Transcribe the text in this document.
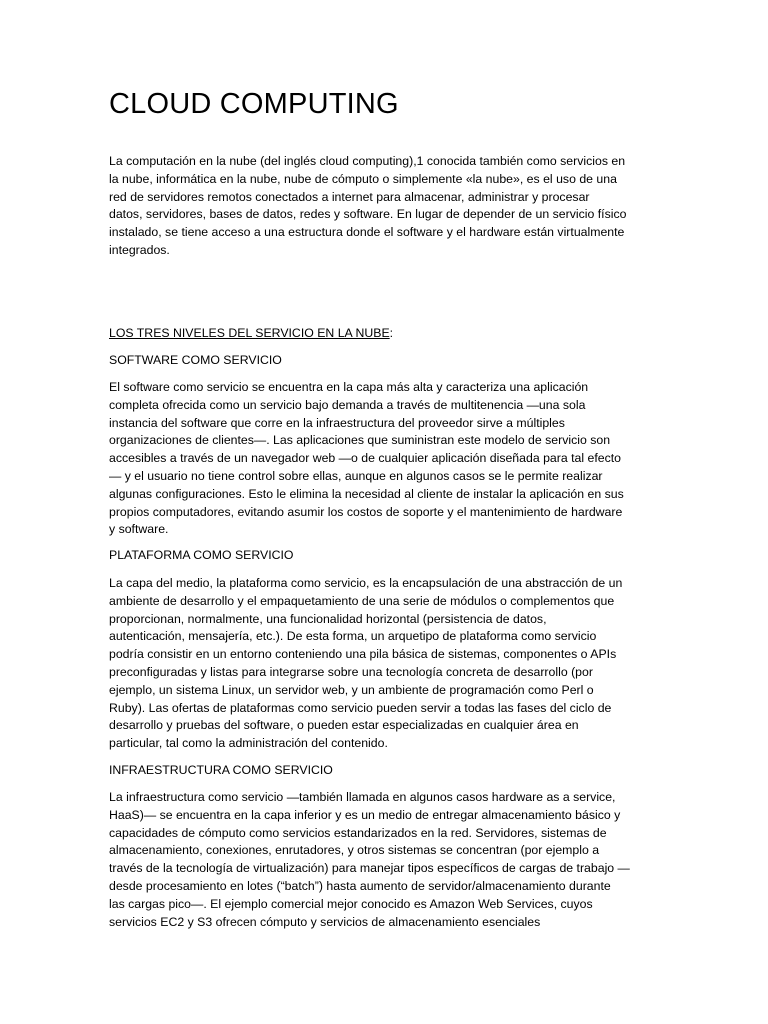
CLOUD COMPUTING

La computación en la nube (del inglés cloud computing),1 conocida también como servicios en
la nube, informática en la nube, nube de cómputo o simplemente «la nube», es el uso de una
red de servidores remotos conectados a internet para almacenar, administrar y procesar
datos, servidores, bases de datos, redes y software. En lugar de depender de un servicio físico
instalado, se tiene acceso a una estructura donde el software y el hardware están virtualmente
integrados.

LOS TRES NIVELES DEL SERVICIO EN LA NUBE:

SOFTWARE COMO SERVICIO

El software como servicio se encuentra en la capa más alta y caracteriza una aplicación
completa ofrecida como un servicio bajo demanda a través de multitenencia —una sola
instancia del software que corre en la infraestructura del proveedor sirve a múltiples
organizaciones de clientes—. Las aplicaciones que suministran este modelo de servicio son
accesibles a través de un navegador web —o de cualquier aplicación diseñada para tal efecto
— y el usuario no tiene control sobre ellas, aunque en algunos casos se le permite realizar
algunas configuraciones. Esto le elimina la necesidad al cliente de instalar la aplicación en sus
propios computadores, evitando asumir los costos de soporte y el mantenimiento de hardware
y software.

PLATAFORMA COMO SERVICIO

La capa del medio, la plataforma como servicio, es la encapsulación de una abstracción de un
ambiente de desarrollo y el empaquetamiento de una serie de módulos o complementos que
proporcionan, normalmente, una funcionalidad horizontal (persistencia de datos,
autenticación, mensajería, etc.). De esta forma, un arquetipo de plataforma como servicio
podría consistir en un entorno conteniendo una pila básica de sistemas, componentes o APIs
preconfiguradas y listas para integrarse sobre una tecnología concreta de desarrollo (por
ejemplo, un sistema Linux, un servidor web, y un ambiente de programación como Perl o
Ruby). Las ofertas de plataformas como servicio pueden servir a todas las fases del ciclo de
desarrollo y pruebas del software, o pueden estar especializadas en cualquier área en
particular, tal como la administración del contenido.

INFRAESTRUCTURA COMO SERVICIO

La infraestructura como servicio —también llamada en algunos casos hardware as a service,
HaaS)— se encuentra en la capa inferior y es un medio de entregar almacenamiento básico y
capacidades de cómputo como servicios estandarizados en la red. Servidores, sistemas de
almacenamiento, conexiones, enrutadores, y otros sistemas se concentran (por ejemplo a
través de la tecnología de virtualización) para manejar tipos específicos de cargas de trabajo —
desde procesamiento en lotes (“batch”) hasta aumento de servidor/almacenamiento durante
las cargas pico—. El ejemplo comercial mejor conocido es Amazon Web Services, cuyos
servicios EC2 y S3 ofrecen cómputo y servicios de almacenamiento esenciales
